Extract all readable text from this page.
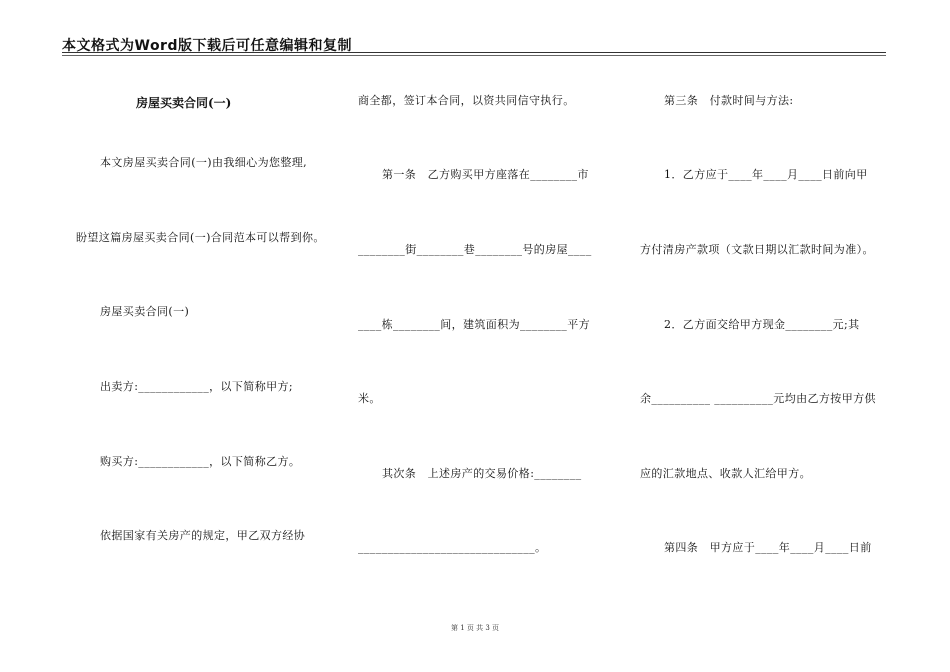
本文格式为Word版下载后可任意编辑和复制
房屋买卖合同(一)
本文房屋买卖合同(一)由我细心为您整理,
盼望这篇房屋买卖合同(一)合同范本可以帮到你。
房屋买卖合同(一)
出卖方:____________，以下简称甲方;
购买方:____________，以下简称乙方。
依据国家有关房产的规定，甲乙双方经协
商全都，签订本合同，以资共同信守执行。
第一条　乙方购买甲方座落在________市
________街________巷________号的房屋____
____栋________间，建筑面积为________平方
米。
其次条　上述房产的交易价格:________
______________________________。
第三条　付款时间与方法:
1．乙方应于____年____月____日前向甲
方付清房产款项（文款日期以汇款时间为准）。
2．乙方面交给甲方现金________元;其
余__________ __________元均由乙方按甲方供
应的汇款地点、收款人汇给甲方。
第四条　甲方应于____年____月____日前
第 1 页 共 3 页
